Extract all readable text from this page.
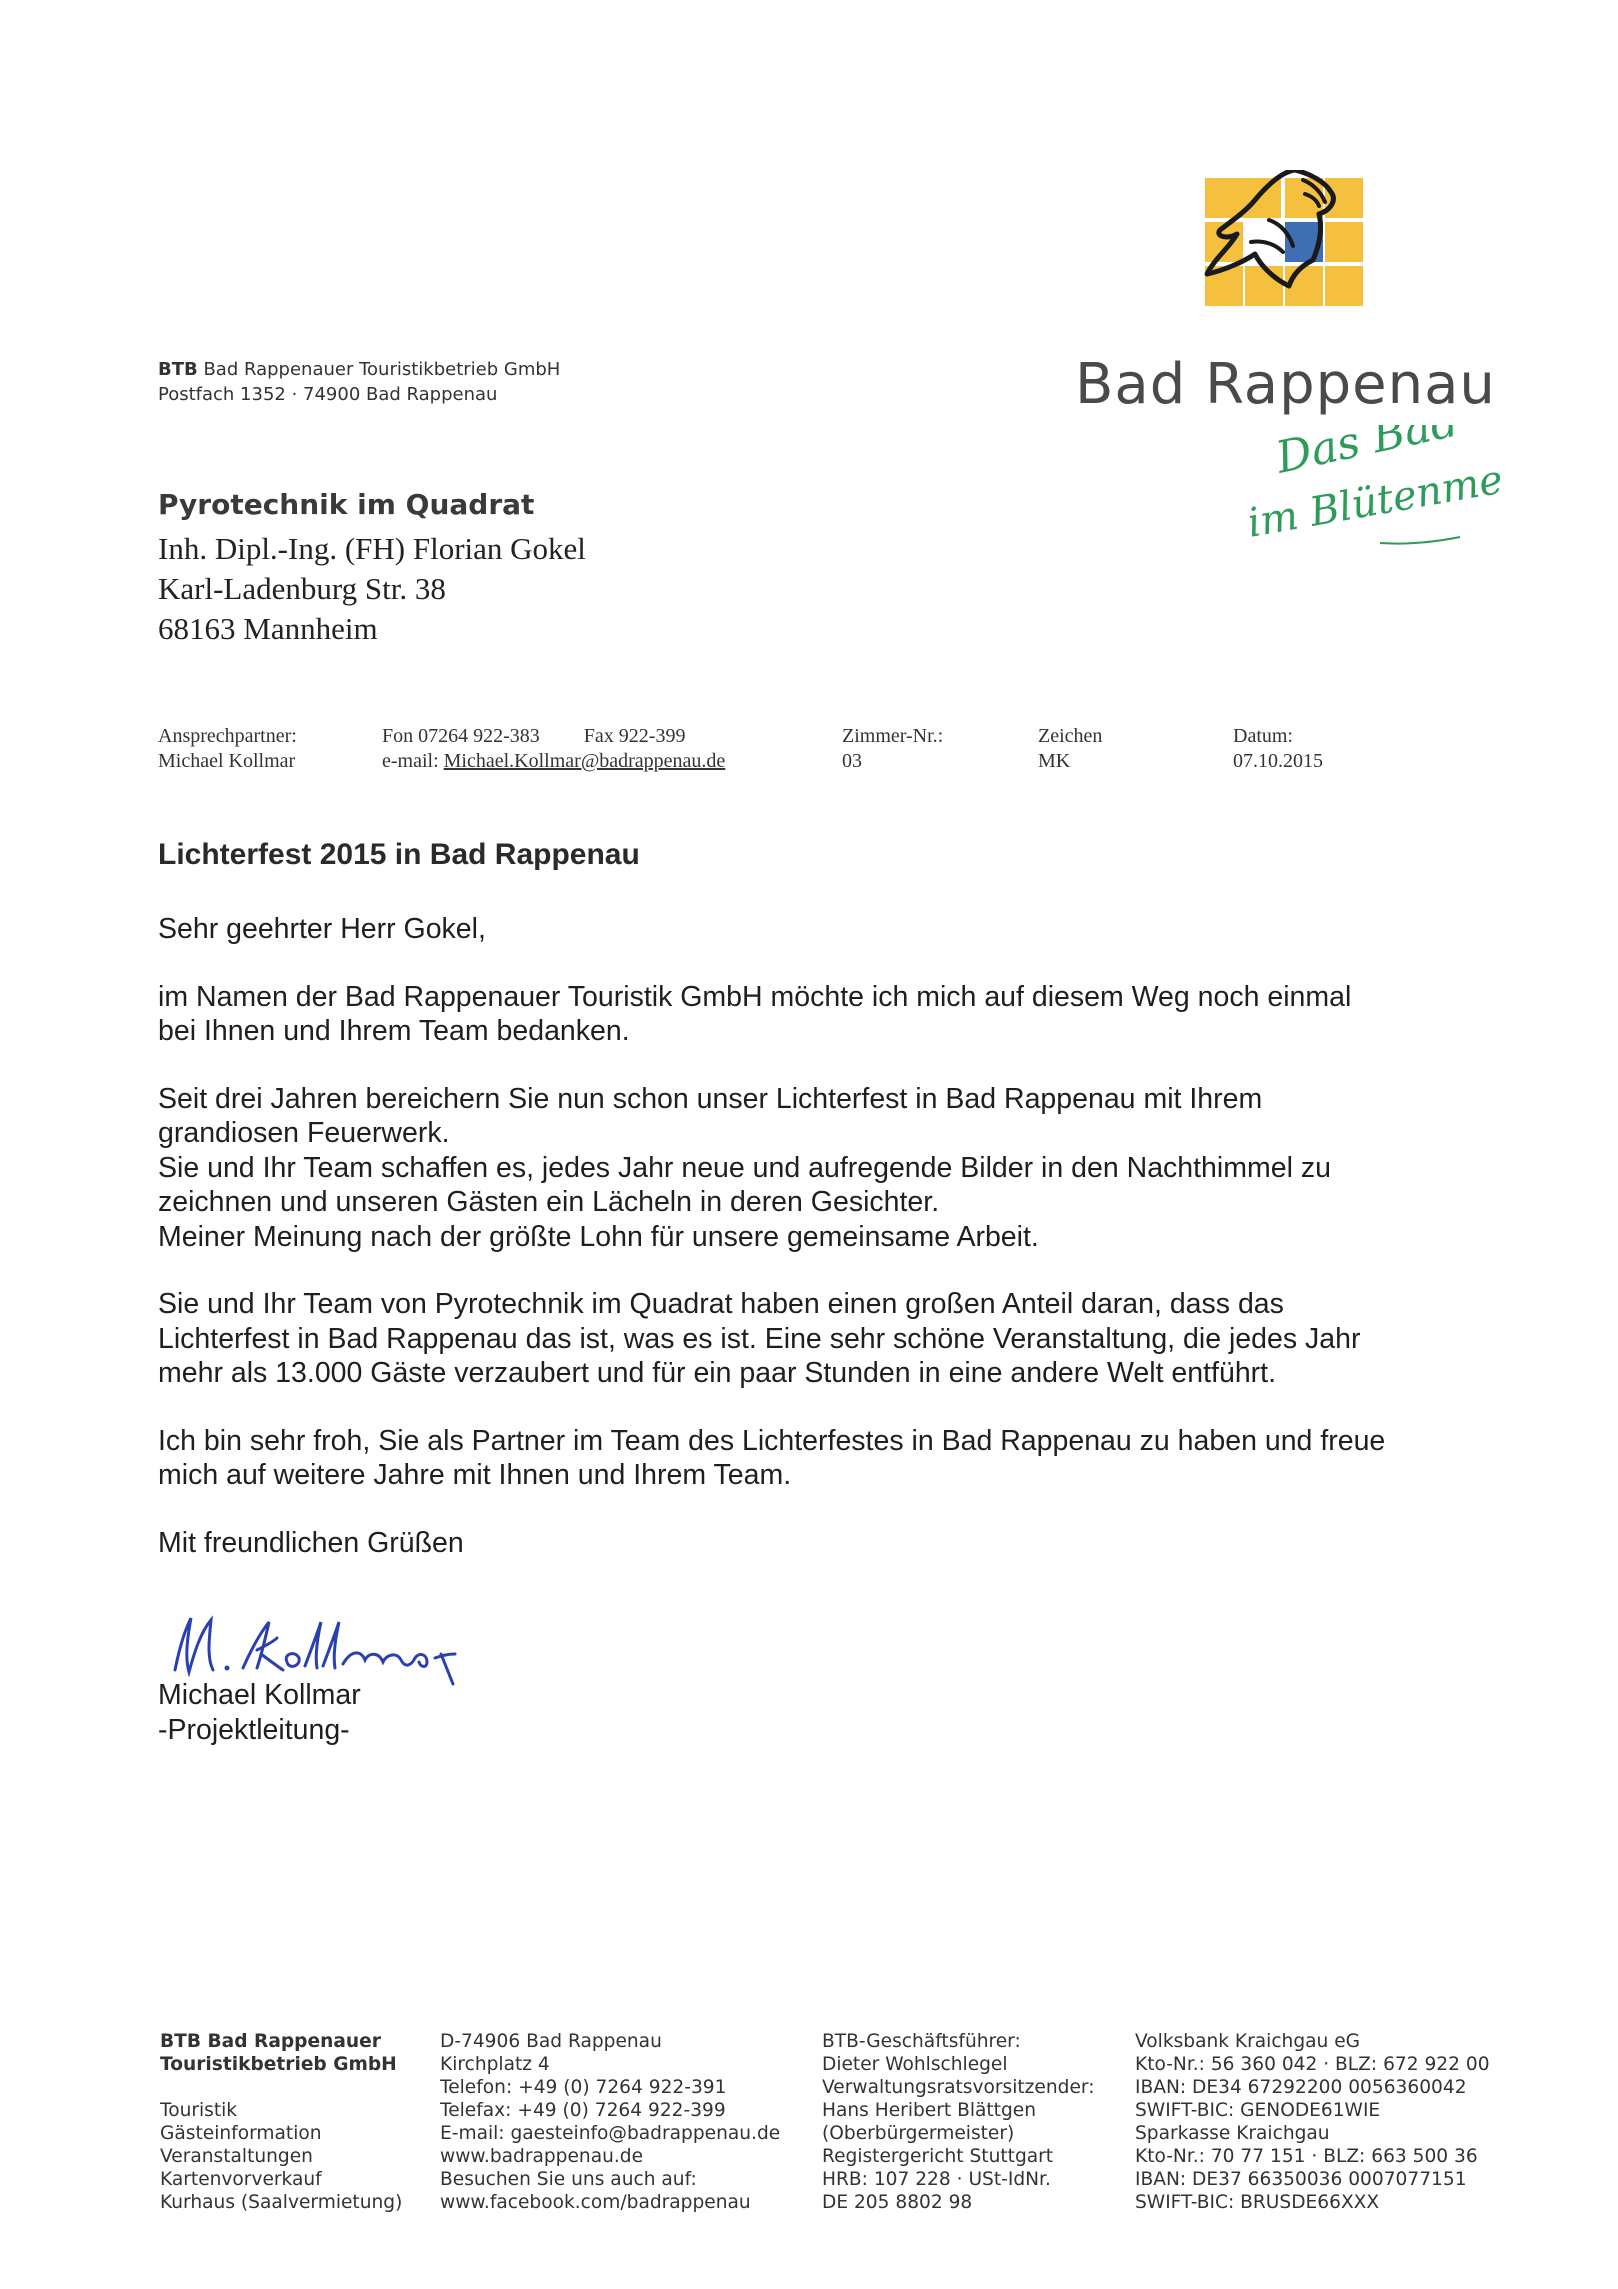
Bad Rappenau
Das Bad
im Blütenmeer
BTB Bad Rappenauer Touristikbetrieb GmbH
Postfach 1352 · 74900 Bad Rappenau
Pyrotechnik im Quadrat
Inh. Dipl.-Ing. (FH) Florian Gokel
Karl-Ladenburg Str. 38
68163 Mannheim
Ansprechpartner:
Michael Kollmar
Fon 07264 922-383 Fax 922-399
e-mail: Michael.Kollmar@badrappenau.de
Zimmer-Nr.:
03
Zeichen
MK
Datum:
07.10.2015
Lichterfest 2015 in Bad Rappenau

Sehr geehrter Herr Gokel,

im Namen der Bad Rappenauer Touristik GmbH möchte ich mich auf diesem Weg noch einmal bei Ihnen und Ihrem Team bedanken.

Seit drei Jahren bereichern Sie nun schon unser Lichterfest in Bad Rappenau mit Ihrem grandiosen Feuerwerk.

Sie und Ihr Team schaffen es, jedes Jahr neue und aufregende Bilder in den Nachthimmel zu zeichnen und unseren Gästen ein Lächeln in deren Gesichter.

Meiner Meinung nach der größte Lohn für unsere gemeinsame Arbeit.

Sie und Ihr Team von Pyrotechnik im Quadrat haben einen großen Anteil daran, dass das Lichterfest in Bad Rappenau das ist, was es ist. Eine sehr schöne Veranstaltung, die jedes Jahr mehr als 13.000 Gäste verzaubert und für ein paar Stunden in eine andere Welt entführt.

Ich bin sehr froh, Sie als Partner im Team des Lichterfestes in Bad Rappenau zu haben und freue mich auf weitere Jahre mit Ihnen und Ihrem Team.

Mit freundlichen Grüßen

Michael Kollmar
-Projektleitung-
BTB Bad Rappenauer
Touristikbetrieb GmbH
Touristik
Gästeinformation
Veranstaltungen
Kartenvorverkauf
Kurhaus (Saalvermietung)
D-74906 Bad Rappenau
Kirchplatz 4
Telefon: +49 (0) 7264 922-391
Telefax: +49 (0) 7264 922-399
E-mail: gaesteinfo@badrappenau.de
www.badrappenau.de
Besuchen Sie uns auch auf:
www.facebook.com/badrappenau
BTB-Geschäftsführer:
Dieter Wohlschlegel
Verwaltungsratsvorsitzender:
Hans Heribert Blättgen
(Oberbürgermeister)
Registergericht Stuttgart
HRB: 107 228 · USt-IdNr.
DE 205 8802 98
Volksbank Kraichgau eG
Kto-Nr.: 56 360 042 · BLZ: 672 922 00
IBAN: DE34 67292200 0056360042
SWIFT-BIC: GENODE61WIE
Sparkasse Kraichgau
Kto-Nr.: 70 77 151 · BLZ: 663 500 36
IBAN: DE37 66350036 0007077151
SWIFT-BIC: BRUSDE66XXX
